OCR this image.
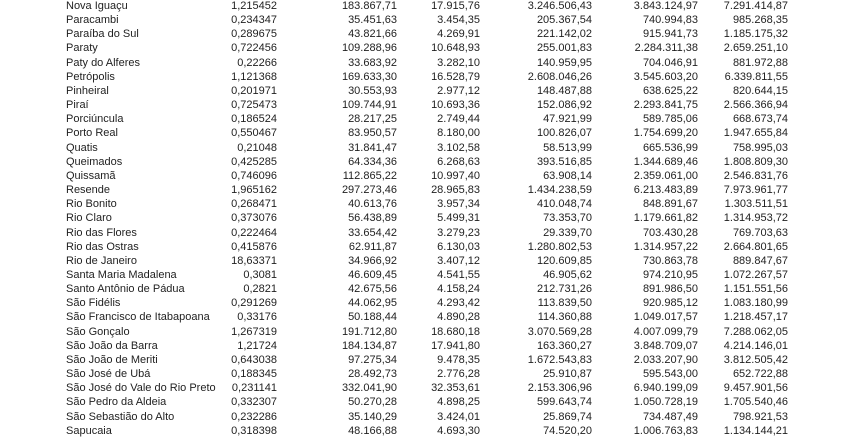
Nova Iguaçu	1,215452	183.867,71	17.915,76	3.246.506,43	3.843.124,97	7.291.414,87
Paracambi	0,234347	35.451,63	3.454,35	205.367,54	740.994,83	985.268,35
Paraíba do Sul	0,289675	43.821,66	4.269,91	221.142,02	915.941,73	1.185.175,32
Paraty	0,722456	109.288,96	10.648,93	255.001,83	2.284.311,38	2.659.251,10
Paty do Alferes	0,22266	33.683,92	3.282,10	140.959,95	704.046,91	881.972,88
Petrópolis	1,121368	169.633,30	16.528,79	2.608.046,26	3.545.603,20	6.339.811,55
Pinheiral	0,201971	30.553,93	2.977,12	148.487,88	638.625,22	820.644,15
Piraí	0,725473	109.744,91	10.693,36	152.086,92	2.293.841,75	2.566.366,94
Porciúncula	0,186524	28.217,25	2.749,44	47.921,99	589.785,06	668.673,74
Porto Real	0,550467	83.950,57	8.180,00	100.826,07	1.754.699,20	1.947.655,84
Quatis	0,21048	31.841,47	3.102,58	58.513,99	665.536,99	758.995,03
Queimados	0,425285	64.334,36	6.268,63	393.516,85	1.344.689,46	1.808.809,30
Quissamã	0,746096	112.865,22	10.997,40	63.908,14	2.359.061,00	2.546.831,76
Resende	1,965162	297.273,46	28.965,83	1.434.238,59	6.213.483,89	7.973.961,77
Rio Bonito	0,268471	40.613,76	3.957,34	410.048,74	848.891,67	1.303.511,51
Rio Claro	0,373076	56.438,89	5.499,31	73.353,70	1.179.661,82	1.314.953,72
Rio das Flores	0,222464	33.654,42	3.279,23	29.339,70	703.430,28	769.703,63
Rio das Ostras	0,415876	62.911,87	6.130,03	1.280.802,53	1.314.957,22	2.664.801,65
Rio de Janeiro	18,63371	34.966,92	3.407,12	120.609,85	730.863,78	889.847,67
Santa Maria Madalena	0,3081	46.609,45	4.541,55	46.905,62	974.210,95	1.072.267,57
Santo Antônio de Pádua	0,2821	42.675,56	4.158,24	212.731,26	891.986,50	1.151.551,56
São Fidélis	0,291269	44.062,95	4.293,42	113.839,50	920.985,12	1.083.180,99
São Francisco de Itabapoana	0,33176	50.188,44	4.890,28	114.360,88	1.049.017,57	1.218.457,17
São Gonçalo	1,267319	191.712,80	18.680,18	3.070.569,28	4.007.099,79	7.288.062,05
São João da Barra	1,21724	184.134,87	17.941,80	163.360,27	3.848.709,07	4.214.146,01
São João de Meriti	0,643038	97.275,34	9.478,35	1.672.543,83	2.033.207,90	3.812.505,42
São José de Ubá	0,188345	28.492,73	2.776,28	25.910,87	595.543,00	652.722,88
São José do Vale do Rio Preto	0,231141	332.041,90	32.353,61	2.153.306,96	6.940.199,09	9.457.901,56
São Pedro da Aldeia	0,332307	50.270,28	4.898,25	599.643,74	1.050.728,19	1.705.540,46
São Sebastião do Alto	0,232286	35.140,29	3.424,01	25.869,74	734.487,49	798.921,53
Sapucaia	0,318398	48.166,88	4.693,30	74.520,20	1.006.763,83	1.134.144,21
